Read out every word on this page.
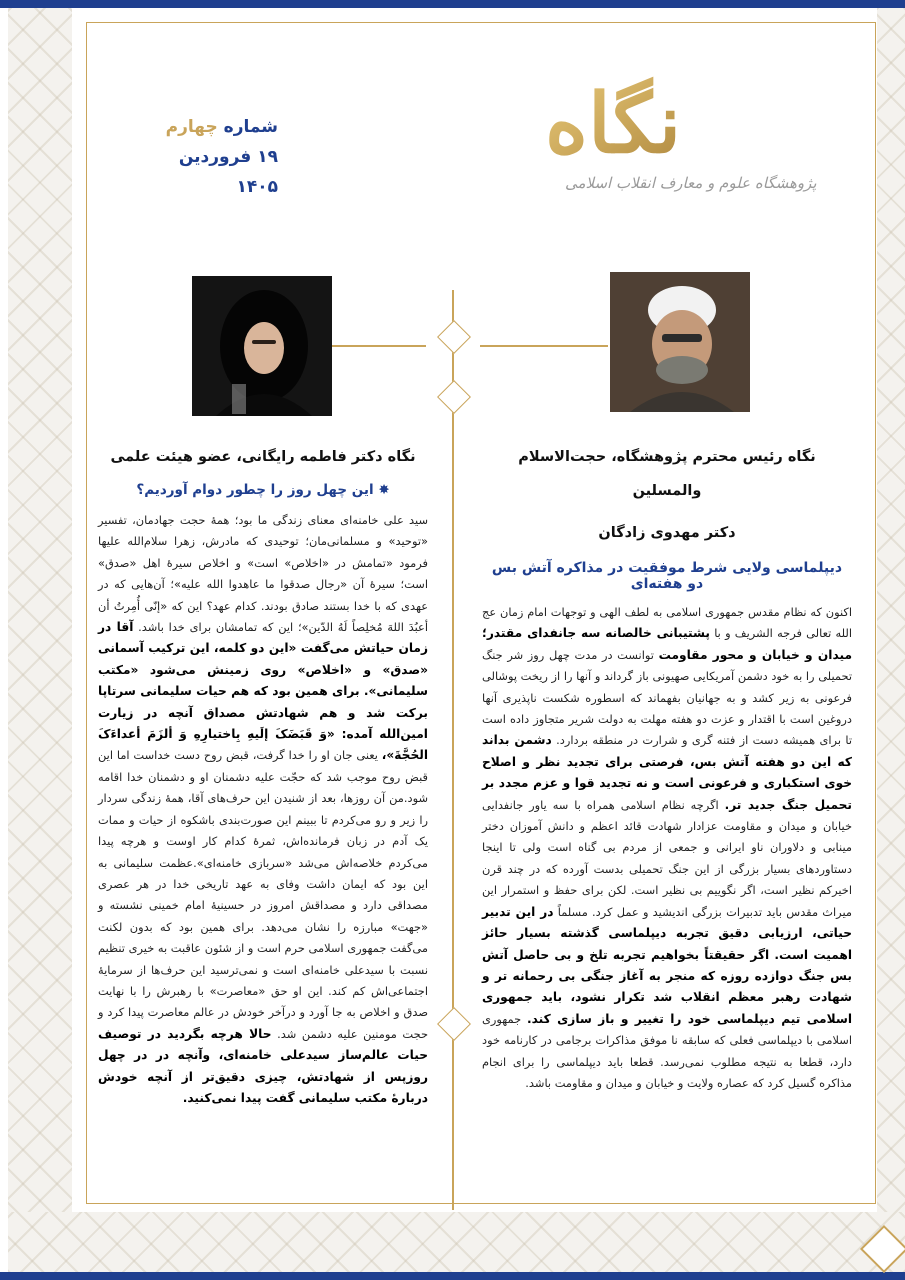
نگاه
پژوهشگاه علوم و معارف انقلاب اسلامی
شماره چهارم
۱۹ فروردین ۱۴۰۵
نگاه رئیس محترم پژوهشگاه، حجت‌الاسلام والمسلین
دکتر مهدوی زادگان
دیپلماسی ولایی شرط موفقیت در مذاکره آتش بس دو هفته‌ای
اکنون که نظام مقدس جمهوری اسلامی به لطف الهی و توجهات امام زمان عج الله تعالی فرجه الشریف و با پشتیبانی خالصانه سه جانفدای مقتدر؛ میدان و خیابان و محور مقاومت توانست در مدت چهل روز شر جنگ تحمیلی را به خود دشمن آمریکایی صهیونی باز گرداند و آنها را از ریخت پوشالی فرعونی به زیر کشد و به جهانیان بفهماند که اسطوره شکست ناپذیری آنها دروغین است با اقتدار و عزت دو هفته مهلت به دولت شریر متجاوز داده است تا برای همیشه دست از فتنه گری و شرارت در منطقه بردارد. دشمن بداند که این دو هفته آتش بس، فرصتی برای تجدید نظر و اصلاح خوی استکباری و فرعونی است و نه تجدید قوا و عزم مجدد بر تحمیل جنگ جدید تر. اگرچه نظام اسلامی همراه با سه یاور جانفدایی خیابان و میدان و مقاومت عزادار شهادت قائد اعظم و دانش آموزان دختر مینابی و دلاوران ناو ایرانی و جمعی از مردم بی گناه است ولی تا اینجا دستاوردهای بسیار بزرگی از این جنگ تحمیلی بدست آورده که در چند قرن اخیرکم نظیر است، اگر نگوییم بی نظیر است. لکن برای حفظ و استمرار این میراث مقدس باید تدبیرات بزرگی اندیشید و عمل کرد. مسلماً در این تدبیر حیاتی، ارزیابی دقیق تجربه دیپلماسی گذشته بسیار حائز اهمیت است. اگر حقیقتاً بخواهیم تجربه تلخ و بی حاصل آتش بس جنگ دوازده روزه که منجر به آغاز جنگی بی رحمانه تر و شهادت رهبر معظم انقلاب شد تکرار نشود، باید جمهوری اسلامی تیم دیپلماسی خود را تغییر و باز سازی کند. جمهوری اسلامی با دیپلماسی فعلی که سابقه نا موفق مذاکرات برجامی در کارنامه خود دارد، قطعا به نتیجه مطلوب نمی‌رسد. قطعا باید دیپلماسی را برای انجام مذاکره گسیل کرد که عصاره ولایت و خیابان و میدان و مقاومت باشد.
نگاه دکتر فاطمه رایگانی، عضو هیئت علمی
✸ این چهل روز را چطور دوام آوردیم؟
سید علی خامنه‌ای معنای زندگی ما بود؛ همهٔ حجت جهادمان، تفسیر «توحید» و مسلمانی‌مان؛ توحیدی که مادرش، زهرا سلام‌الله علیها فرمود «تمامش در «اخلاص» است» و اخلاص سیرهٔ اهل «صدق» است؛ سیرهٔ آن «رجال صدقوا ما عاهدوا الله علیه»؛ آن‌هایی که در عهدی که با خدا بستند صادق بودند. کدام عهد؟ این که «إنّی أُمِرتُ أن أعبُدَ اللهَ مُخلِصاً لَهُ الدّین»؛ این که تمامشان برای خدا باشد. آقا در زمان حیاتش می‌گفت «این دو کلمه، این ترکیب آسمانی «صدق» و «اخلاص» روی زمینش می‌شود «مکتب سلیمانی». برای همین بود که هم حیات سلیمانی سرتاپا برکت شد و هم شهادتش مصداق آنچه در زیارت امین‌الله آمده: «وَ قَبَضَکَ إلَیهِ بِاختیارِهِ وَ ألزَمَ أعداءَکَ الحُجَّةَ»، یعنی جان او را خدا گرفت، قبض روح دست خداست اما این قبض روح موجب شد که حجّت علیه دشمنان او و دشمنان خدا اقامه شود.من آن روزها، بعد از شنیدن این حرف‌های آقا، همهٔ زندگی سردار را زیر و رو می‌کردم تا ببینم این صورت‌بندی باشکوه از حیات و ممات یک آدم در زبان فرمانده‌اش، ثمرهٔ کدام کار اوست و هرچه پیدا می‌کردم خلاصه‌اش می‌شد «سربازی خامنه‌ای».عظمت سلیمانی به این بود که ایمان داشت وفای به عهد تاریخی خدا در هر عصری مصداقی دارد و مصداقش امروز در حسینیهٔ امام خمینی نشسته و «جهت» مبارزه را نشان می‌دهد. برای همین بود که بدون لکنت می‌گفت جمهوری اسلامی حرم است و از شئون عاقبت به خیری تنظیم نسبت با سیدعلی خامنه‌ای است و نمی‌ترسید این حرف‌ها از سرمایهٔ اجتماعی‌اش کم کند. این او حق «معاصرت» با رهبرش را با نهایت صدق و اخلاص به جا آورد و درآخر خودش در عالم معاصرت پیدا کرد و حجت مومنین علیه دشمن شد. حالا هرچه بگردید در توصیف حیات عالم‌ساز سیدعلی خامنه‌ای، وآنچه در در چهل روزپس از شهادتش، چیزی دقیق‌تر از آنچه خودش دربارهٔ مکتب سلیمانی گفت پیدا نمی‌کنید.
